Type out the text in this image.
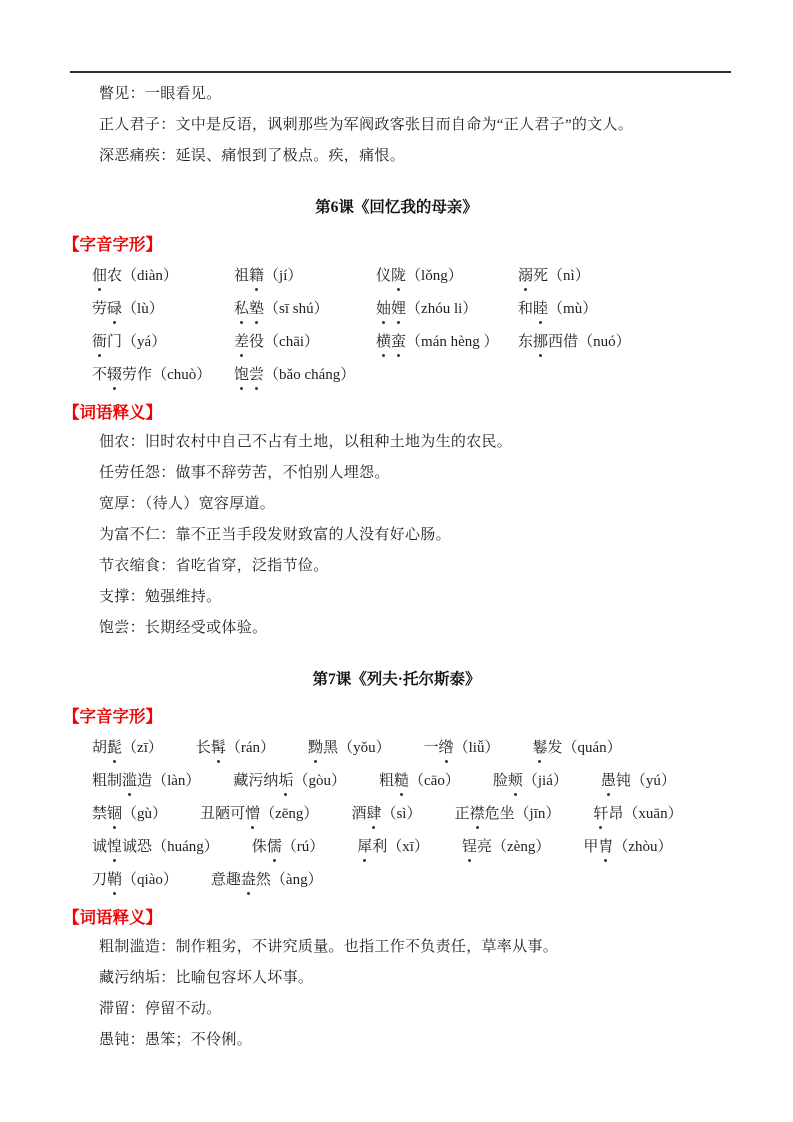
瞥见：一眼看见。

正人君子：文中是反语，讽刺那些为军阀政客张目而自命为“正人君子”的文人。

深恶痛疾：延误、痛恨到了极点。疾，痛恨。

第6课《回忆我的母亲》
【字音字形】
佃农（diàn）	祖籍（jí）	仪陇（lǒng）	溺死（nì）
劳碌（lù）	私塾（sī shú）	妯娌（zhóu li）	和睦（mù）
衙门（yá）	差役（chāi）	横蛮（mán hèng ） 东挪西借（nuó）
不辍劳作（chuò） 饱尝（bǎo cháng）
【词语释义】

佃农：旧时农村中自己不占有土地，以租种土地为生的农民。

任劳任怨：做事不辞劳苦，不怕别人埋怨。

宽厚：（待人）宽容厚道。

为富不仁：靠不正当手段发财致富的人没有好心肠。

节衣缩食：省吃省穿，泛指节俭。

支撑：勉强维持。

饱尝：长期经受或体验。

第7课《列夫·托尔斯泰》
【字音字形】
胡髭（zī） 长髯（rán） 黝黑（yǒu） 一绺（liǚ） 鬈发（quán）
粗制滥造（làn） 藏污纳垢（gòu） 粗糙（cāo） 脸颊（jiá） 愚钝（yú）
禁锢（gù） 丑陋可憎（zēng） 酒肆（sì） 正襟危坐（jīn） 轩昂（xuān）
诚惶诚恐（huáng） 侏儒（rú） 犀利（xī） 锃亮（zèng） 甲胄（zhòu）
刀鞘（qiào） 意趣盎然（àng）
【词语释义】

粗制滥造：制作粗劣，不讲究质量。也指工作不负责任，草率从事。

藏污纳垢：比喻包容坏人坏事。

滞留：停留不动。

愚钝：愚笨；不伶俐。
